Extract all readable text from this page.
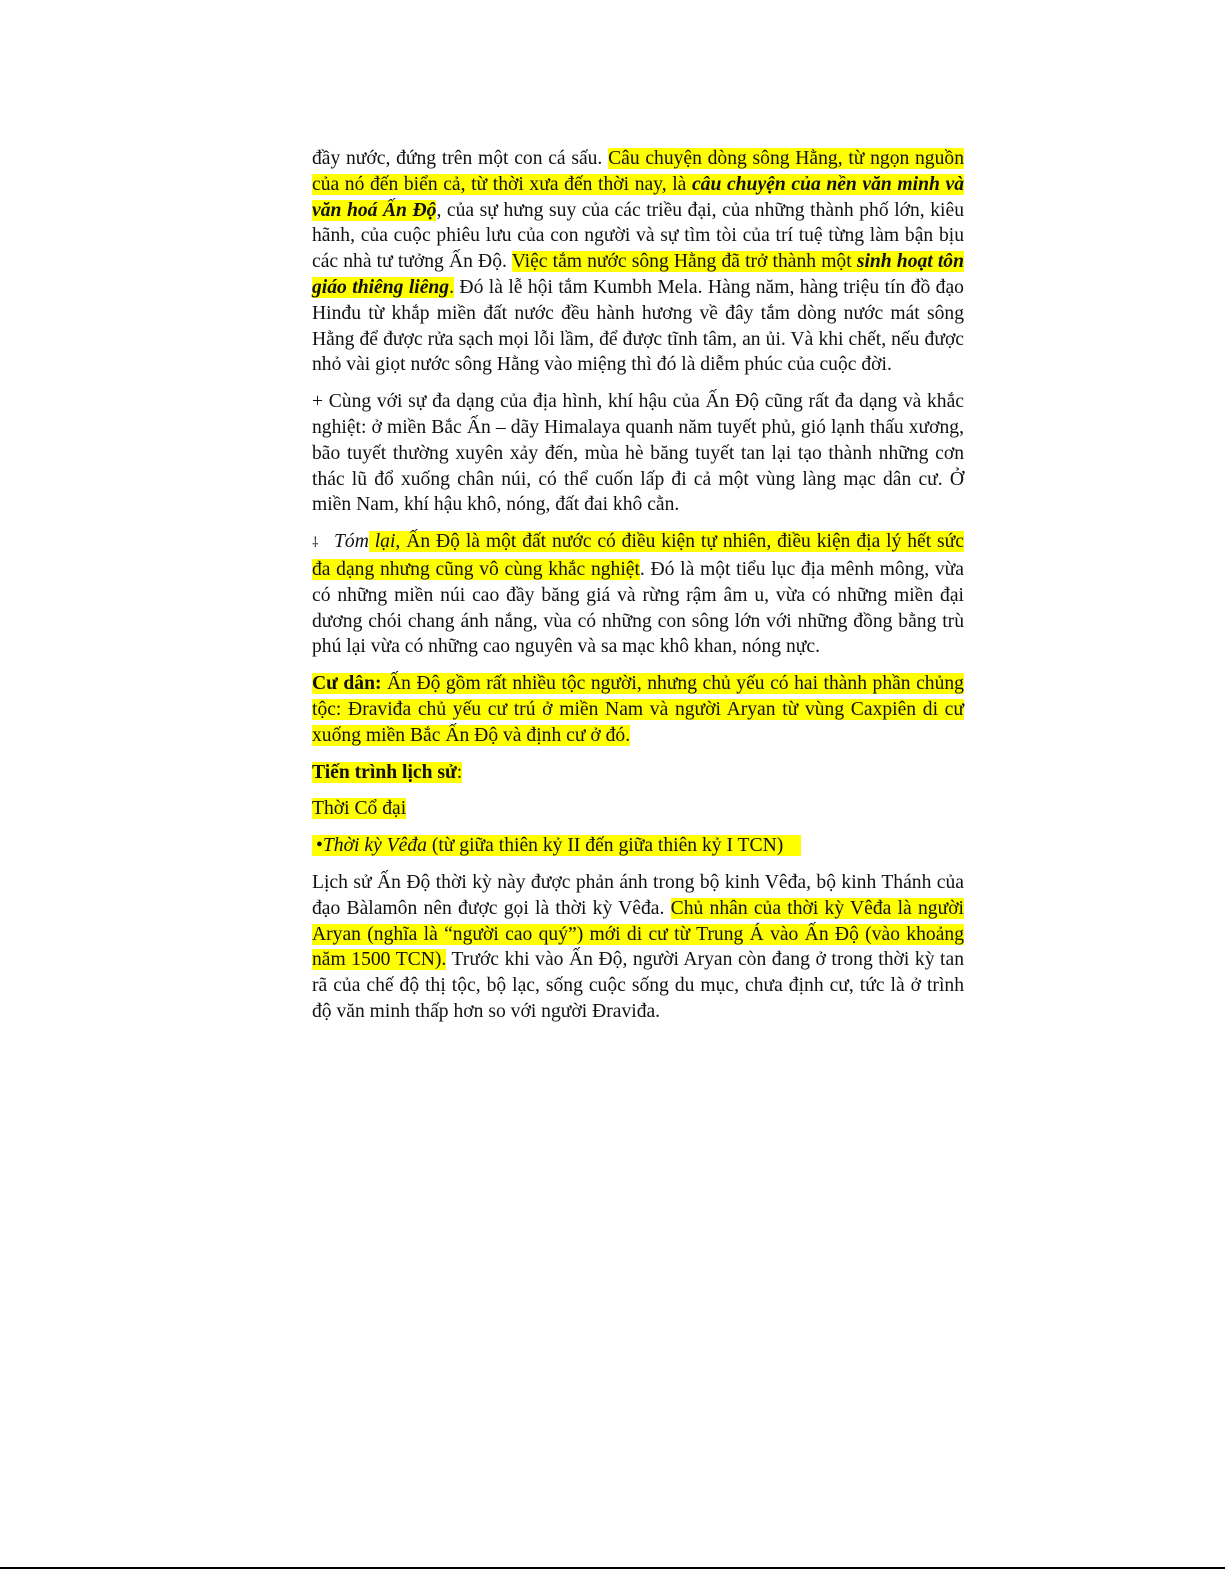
đầy nước, đứng trên một con cá sấu. Câu chuyện dòng sông Hằng, từ ngọn nguồn của nó đến biển cả, từ thời xưa đến thời nay, là câu chuyện của nền văn minh và văn hoá Ấn Độ, của sự hưng suy của các triều đại, của những thành phố lớn, kiêu hãnh, của cuộc phiêu lưu của con người và sự tìm tòi của trí tuệ từng làm bận bịu các nhà tư tưởng Ấn Độ. Việc tắm nước sông Hằng đã trở thành một sinh hoạt tôn giáo thiêng liêng. Đó là lễ hội tắm Kumbh Mela. Hàng năm, hàng triệu tín đồ đạo Hinđu từ khắp miền đất nước đều hành hương về đây tắm dòng nước mát sông Hằng để được rửa sạch mọi lỗi lầm, để được tĩnh tâm, an ủi. Và khi chết, nếu được nhỏ vài giọt nước sông Hằng vào miệng thì đó là diễm phúc của cuộc đời.

+ Cùng với sự đa dạng của địa hình, khí hậu của Ấn Độ cũng rất đa dạng và khắc nghiệt: ở miền Bắc Ấn – dãy Himalaya quanh năm tuyết phủ, gió lạnh thấu xương, bão tuyết thường xuyên xảy đến, mùa hè băng tuyết tan lại tạo thành những cơn thác lũ đổ xuống chân núi, có thể cuốn lấp đi cả một vùng làng mạc dân cư. Ở miền Nam, khí hậu khô, nóng, đất đai khô cằn.

⸸ Tóm lại, Ấn Độ là một đất nước có điều kiện tự nhiên, điều kiện địa lý hết sức đa dạng nhưng cũng vô cùng khắc nghiệt. Đó là một tiểu lục địa mênh mông, vừa có những miền núi cao đầy băng giá và rừng rậm âm u, vừa có những miền đại dương chói chang ánh nắng, vùa có những con sông lớn với những đồng bằng trù phú lại vừa có những cao nguyên và sa mạc khô khan, nóng nực.

Cư dân: Ấn Độ gồm rất nhiều tộc người, nhưng chủ yếu có hai thành phần chủng tộc: Đraviđa chủ yếu cư trú ở miền Nam và người Aryan từ vùng Caxpiên di cư xuống miền Bắc Ấn Độ và định cư ở đó.

Tiến trình lịch sử:

Thời Cổ đại

•Thời kỳ Vêđa (từ giữa thiên kỷ II đến giữa thiên kỷ I TCN)

Lịch sử Ấn Độ thời kỳ này được phản ánh trong bộ kinh Vêđa, bộ kinh Thánh của đạo Bàlamôn nên được gọi là thời kỳ Vêđa. Chủ nhân của thời kỳ Vêđa là người Aryan (nghĩa là “người cao quý”) mới di cư từ Trung Á vào Ấn Độ (vào khoảng năm 1500 TCN). Trước khi vào Ấn Độ, người Aryan còn đang ở trong thời kỳ tan rã của chế độ thị tộc, bộ lạc, sống cuộc sống du mục, chưa định cư, tức là ở trình độ văn minh thấp hơn so với người Đraviđa.
